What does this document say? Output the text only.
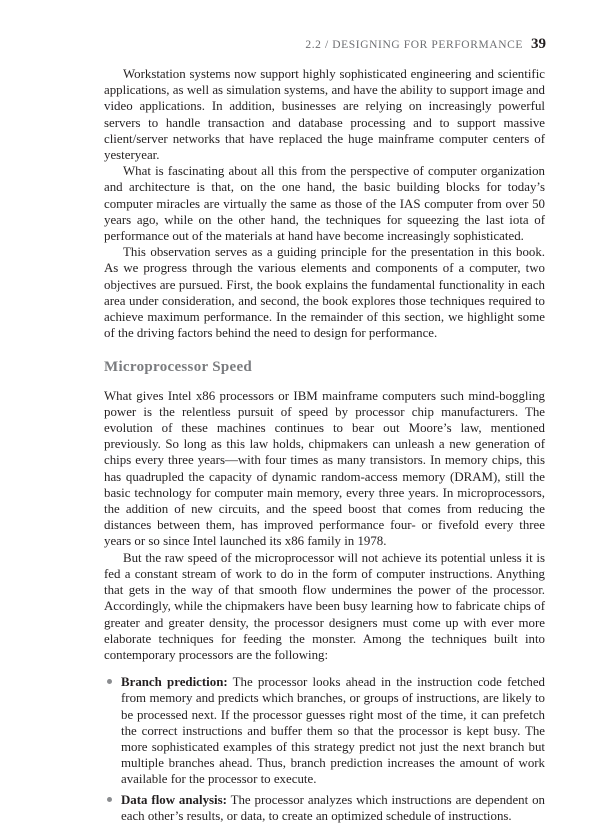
2.2 / DESIGNING FOR PERFORMANCE 39

Workstation systems now support highly sophisticated engineering and scientific applications, as well as simulation systems, and have the ability to support image and video applications. In addition, businesses are relying on increasingly powerful servers to handle transaction and database processing and to support massive client/server networks that have replaced the huge mainframe computer centers of yesteryear.

What is fascinating about all this from the perspective of computer organization and architecture is that, on the one hand, the basic building blocks for today’s computer miracles are virtually the same as those of the IAS computer from over 50 years ago, while on the other hand, the techniques for squeezing the last iota of performance out of the materials at hand have become increasingly sophisticated.

This observation serves as a guiding principle for the presentation in this book. As we progress through the various elements and components of a computer, two objectives are pursued. First, the book explains the fundamental functionality in each area under consideration, and second, the book explores those techniques required to achieve maximum performance. In the remainder of this section, we highlight some of the driving factors behind the need to design for performance.

Microprocessor Speed

What gives Intel x86 processors or IBM mainframe computers such mind-boggling power is the relentless pursuit of speed by processor chip manufacturers. The evolution of these machines continues to bear out Moore’s law, mentioned previously. So long as this law holds, chipmakers can unleash a new generation of chips every three years—with four times as many transistors. In memory chips, this has quadrupled the capacity of dynamic random-access memory (DRAM), still the basic technology for computer main memory, every three years. In microprocessors, the addition of new circuits, and the speed boost that comes from reducing the distances between them, has improved performance four- or fivefold every three years or so since Intel launched its x86 family in 1978.

But the raw speed of the microprocessor will not achieve its potential unless it is fed a constant stream of work to do in the form of computer instructions. Anything that gets in the way of that smooth flow undermines the power of the processor. Accordingly, while the chipmakers have been busy learning how to fabricate chips of greater and greater density, the processor designers must come up with ever more elaborate techniques for feeding the monster. Among the techniques built into contemporary processors are the following:

Branch prediction: The processor looks ahead in the instruction code fetched from memory and predicts which branches, or groups of instructions, are likely to be processed next. If the processor guesses right most of the time, it can prefetch the correct instructions and buffer them so that the processor is kept busy. The more sophisticated examples of this strategy predict not just the next branch but multiple branches ahead. Thus, branch prediction increases the amount of work available for the processor to execute.
Data flow analysis: The processor analyzes which instructions are dependent on each other’s results, or data, to create an optimized schedule of instructions.
